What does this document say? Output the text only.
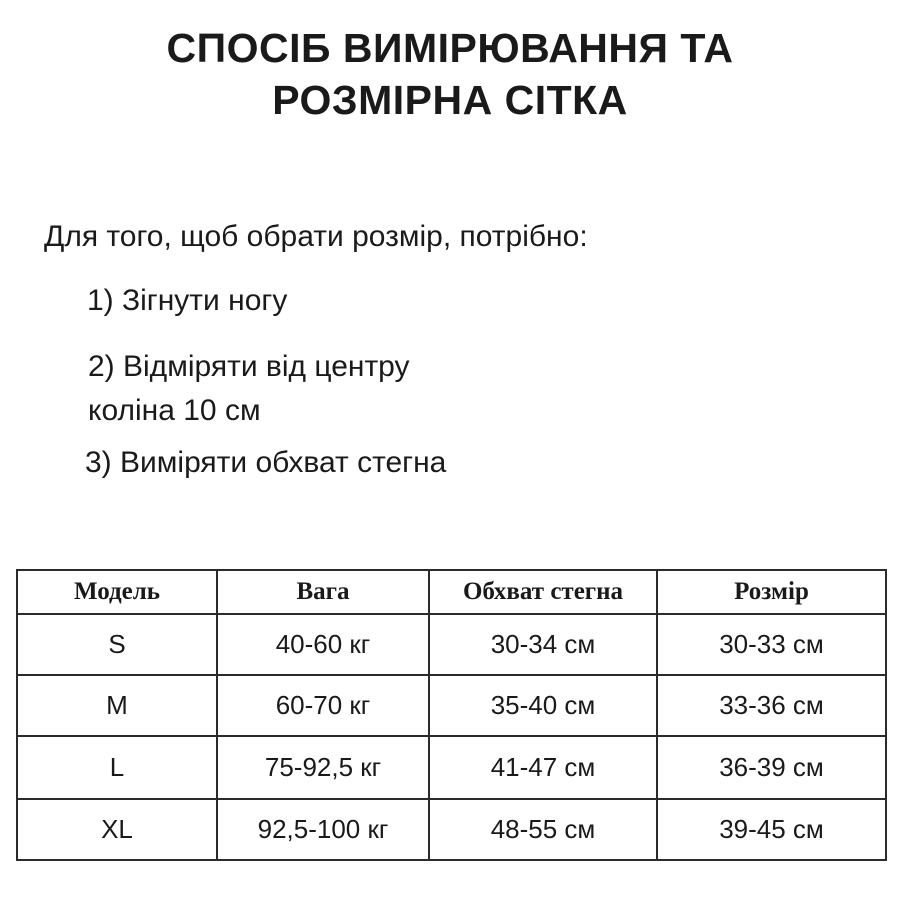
СПОСІБ ВИМІРЮВАННЯ ТА
РОЗМІРНА СІТКА

Для того, щоб обрати розмір, потрібно:

1) Зігнути ногу

2) Відміряти від центру
коліна 10 см

3) Виміряти обхват стегна

Модель	Вага	Обхват стегна	Розмір
S	40-60 кг	30-34 см	30-33 см
M	60-70 кг	35-40 см	33-36 см
L	75-92,5 кг	41-47 см	36-39 см
XL	92,5-100 кг	48-55 см	39-45 см
